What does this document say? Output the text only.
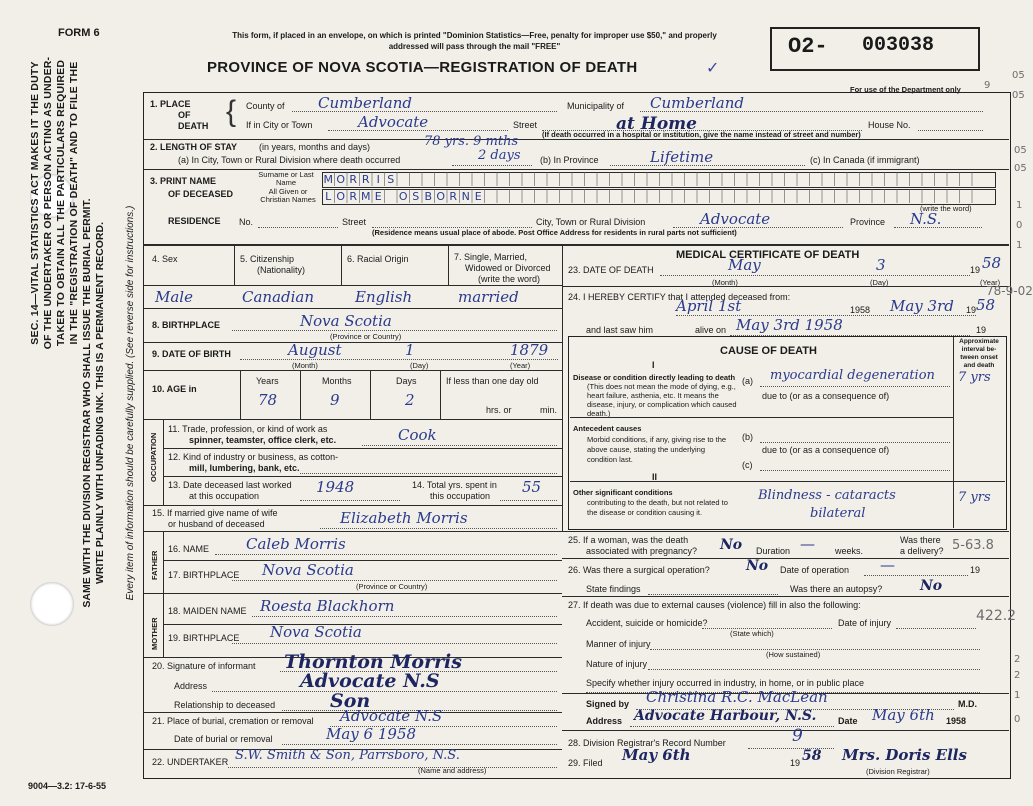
SEC. 14—VITAL STATISTICS ACT MAKES IT THE DUTY OF THE UNDERTAKER OR PERSON ACTING AS UNDER- TAKER TO OBTAIN ALL THE PARTICULARS REQUIRED IN THE "REGISTRATION OF DEATH" AND TO FILE THE SAME WITH THE DIVISION REGISTRAR WHO SHALL ISSUE THE BURIAL PERMIT. WRITE PLAINLY WITH UNFADING INK. THIS IS A PERMANENT RECORD. Every item of information should be carefully supplied. (See reverse side for instructions.)
FORM 6	This form, if placed in an envelope, on which is printed "Dominion Statistics—Free, penalty for improper use $50," and properly addressed will pass through the mail "FREE"
PROVINCE OF NOVA SCOTIA—REGISTRATION OF DEATH
O2- 003038
For use of the Department only
9004—3.2: 17-6-55
1. PLACE
OF
DEATH { County of Cumberland	Municipality of Cumberland
If in City or Town	Advocate	Street	at Home	House No.
(If death occurred in a hospital or institution, give the name instead of street and number)
2. LENGTH OF STAY (in years, months and days)	78 yrs. 9 mths
(a) In City, Town or Rural Division where death occurred	2 days (b) In Province	Lifetime	(c) In Canada (if immigrant)
3. PRINT NAME
OF DECEASED
Surname or Last Name
All Given or Christian Names
M O R R I S
L O R M E O S B O R N E
(write the word)
RESIDENCE No.	Street	City, Town or Rural Division	Advocate	Province N.S.
(Residence means usual place of abode. Post Office Address for residents in rural parts not sufficient)
4. Sex	5. Citizenship
(Nationality)
6. Racial Origin	7. Single, Married,
Widowed or Divorced
(write the word)
Male	Canadian	English	married
8. BIRTHPLACE	Nova Scotia
(Province or Country)
9. DATE OF BIRTH	August	1	1879
(Month)	(Day)	(Year)
10. AGE in
Years	Months	Days	If less than one day old
78	9	2
hrs. or	min.
OCCUPATION
11. Trade, profession, or kind of work as
spinner, teamster, office clerk, etc.	Cook
12. Kind of industry or business, as cotton-
mill, lumbering, bank, etc.
13. Date deceased last worked
at this occupation	1948	14. Total yrs. spent in
this occupation 55
15. If married give name of wife
or husband of deceased	Elizabeth Morris
FATHER
16. NAME Caleb Morris
17. BIRTHPLACE Nova Scotia
(Province or Country)
MOTHER
18. MAIDEN NAME Roesta Blackhorn
19. BIRTHPLACE Nova Scotia
20. Signature of informant Thornton Morris
Address	Advocate N.S
Relationship to deceased	Son
21. Place of burial, cremation or removal Advocate N.S
Date of burial or removal	May 6 1958
22. UNDERTAKER S.W. Smith & Son, Parrsboro, N.S.
(Name and address)
MEDICAL CERTIFICATE OF DEATH
23. DATE OF DEATH	May	3	19 58
(Month)	(Day)	(Year)
24. I HEREBY CERTIFY that I attended deceased from:
April 1st	1958 May 3rd 19 58
and last saw him	alive on May 3rd 1958	19
CAUSE OF DEATH
Approximate interval be- tween onset and death
I
Disease or condition directly leading to death
(This does not mean the mode of dying, e.g., heart failure, asthenia, etc. It means the disease, injury, or complication which caused death.)
(a) myocardial degeneration 7 yrs
due to (or as a consequence of)
Antecedent causes
Morbid conditions, if any, giving rise to the above cause, stating the underlying condition last.
(b)
due to (or as a consequence of)
(c)
II
Other significant conditions
contributing to the death, but not related to the disease or condition causing it.
Blindness - cataracts
bilateral
7 yrs
25. If a woman, was the death
associated with pregnancy? No Duration — weeks.
Was there
a delivery? 5-63.8
26. Was there a surgical operation?	No Date of operation —	19
State findings	Was there an autopsy?	No
27. If death was due to external causes (violence) fill in also the following:
Accident, suicide or homicide?
(State which)
Date of injury
Manner of injury
(How sustained)
Nature of injury
Specify whether injury occurred in industry, in home, or in public place
Signed by Christina R.C. MacLean	M.D.
Address Advocate Harbour, N.S. Date May 6th 1958
28. Division Registrar's Record Number	9
29. Filed May 6th	19 58 Mrs. Doris Ells
(Division Registrar)
78-9-02
422.2
05
05
05
05
1
0
1
2
2
1
0
9
✓
